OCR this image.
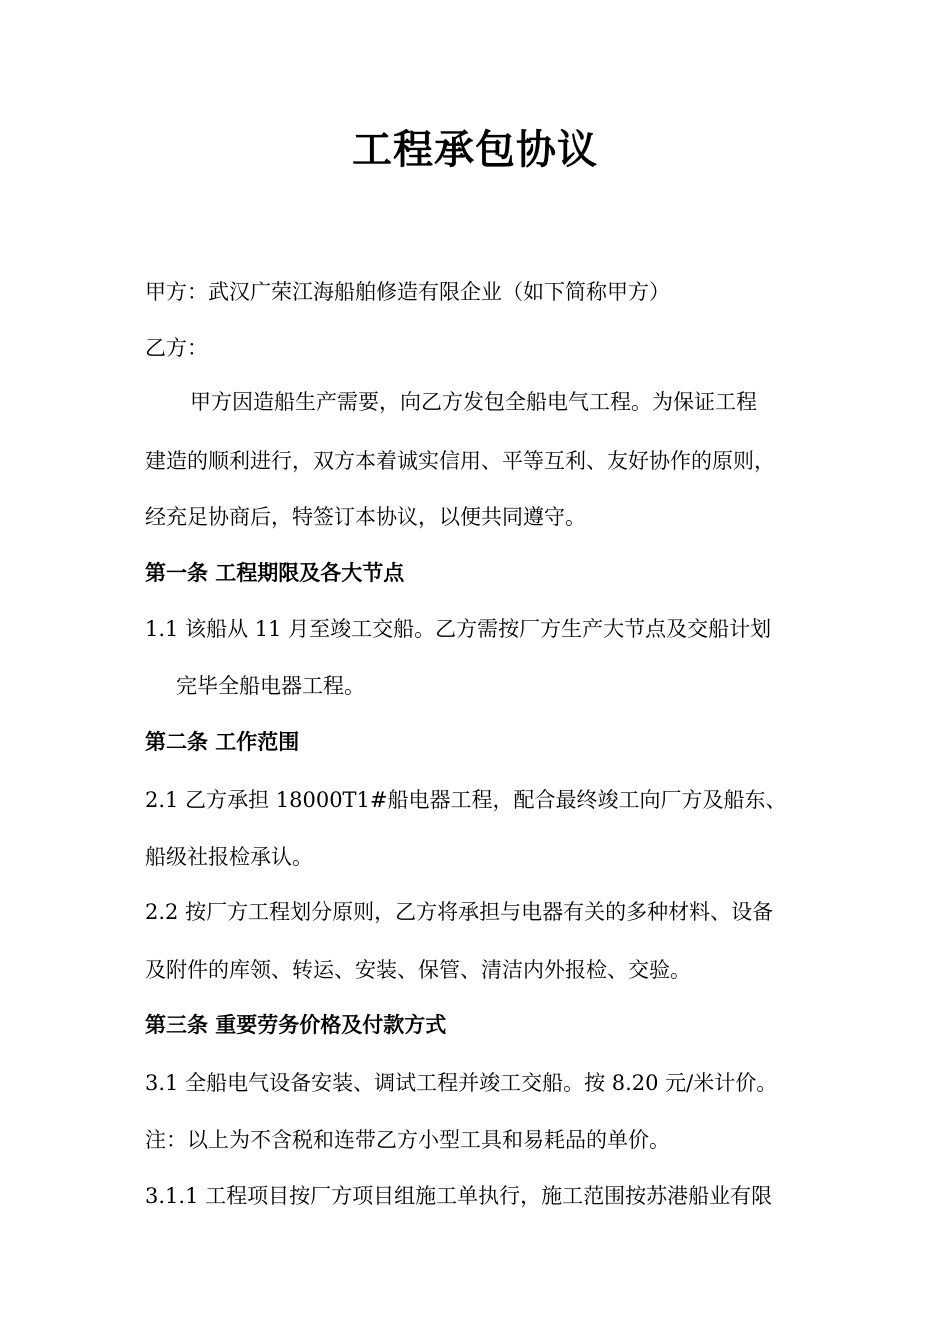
工程承包协议
甲方：武汉广荣江海船舶修造有限企业（如下简称甲方）
乙方：
甲方因造船生产需要，向乙方发包全船电气工程。为保证工程
建造的顺利进行，双方本着诚实信用、平等互利、友好协作的原则，
经充足协商后，特签订本协议，以便共同遵守。
第一条 工程期限及各大节点
1.1 该船从 11 月至竣工交船。乙方需按厂方生产大节点及交船计划
完毕全船电器工程。
第二条 工作范围
2.1 乙方承担 18000T1#船电器工程，配合最终竣工向厂方及船东、
船级社报检承认。
2.2 按厂方工程划分原则，乙方将承担与电器有关的多种材料、设备
及附件的库领、转运、安装、保管、清洁内外报检、交验。
第三条 重要劳务价格及付款方式
3.1 全船电气设备安装、调试工程并竣工交船。按 8.20 元/米计价。
注：以上为不含税和连带乙方小型工具和易耗品的单价。
3.1.1 工程项目按厂方项目组施工单执行，施工范围按苏港船业有限
